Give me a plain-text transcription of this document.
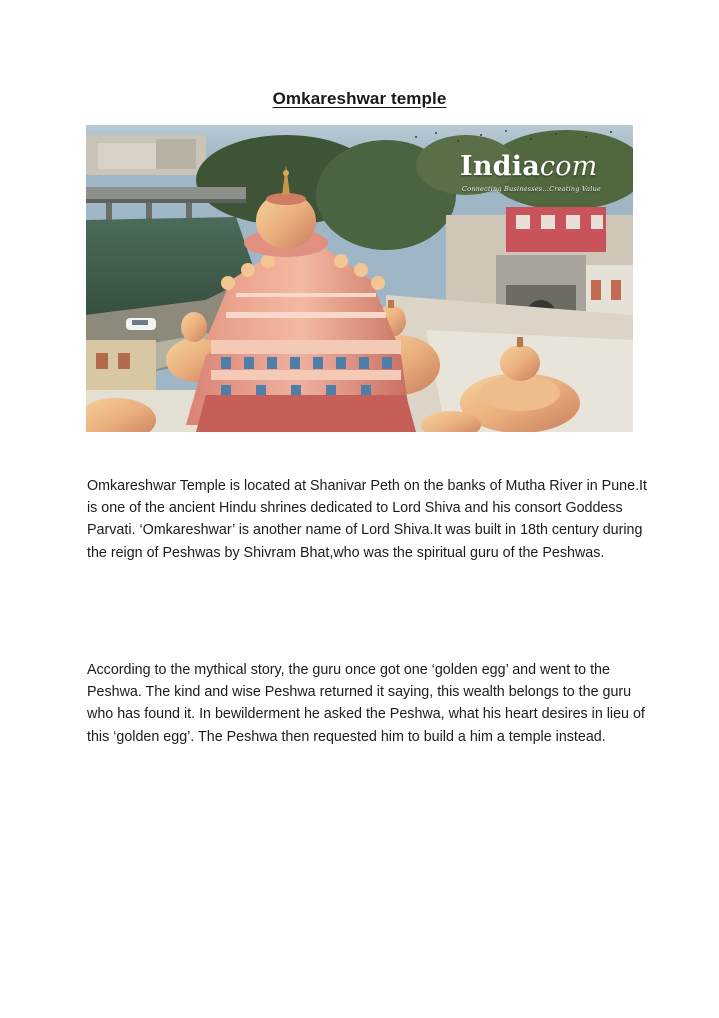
Omkareshwar temple
Indiacom
Connecting Businesses...Creating Value

Omkareshwar Temple is located at Shanivar Peth on the banks of Mutha River in Pune.It is one of the ancient Hindu shrines dedicated to Lord Shiva and his consort Goddess Parvati. ‘Omkareshwar’ is another name of Lord Shiva.It was built in 18th century during the reign of Peshwas by Shivram Bhat,who was the spiritual guru of the Peshwas.

According to the mythical story, the guru once got one ‘golden egg’ and went to the Peshwa. The kind and wise Peshwa returned it saying, this wealth belongs to the guru who has found it. In bewilderment he asked the Peshwa, what his heart desires in lieu of this ‘golden egg’. The Peshwa then requested him to build a him a temple instead.
